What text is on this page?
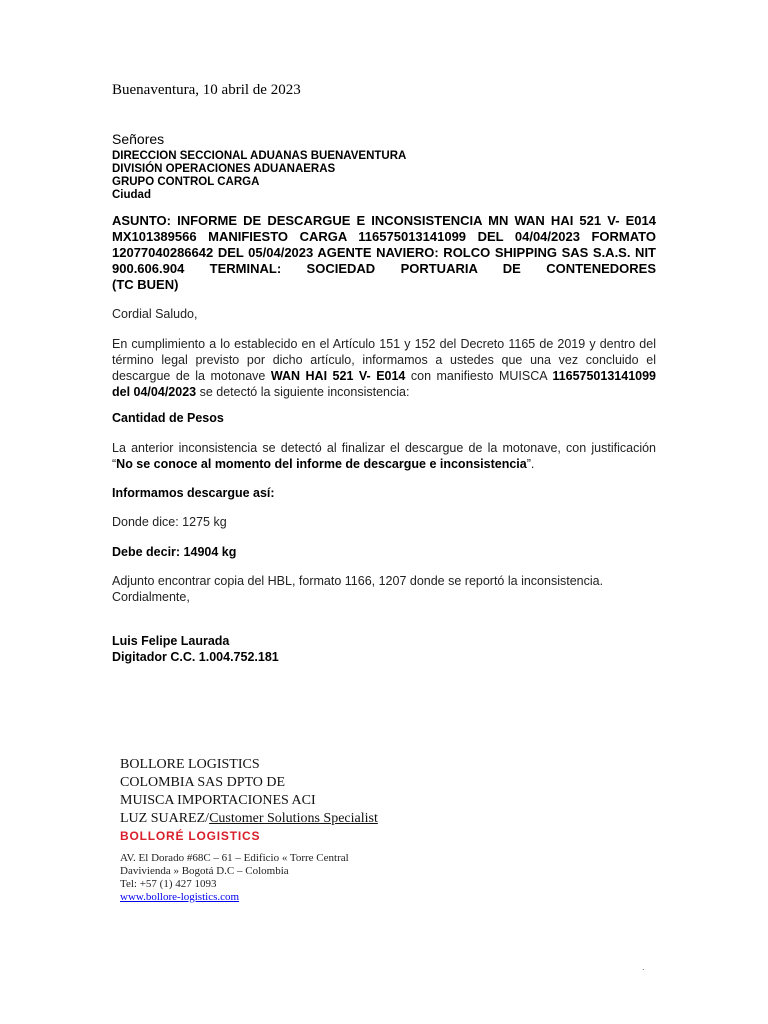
Buenaventura, 10 abril de 2023
Señores
DIRECCION SECCIONAL ADUANAS BUENAVENTURA
DIVISIÓN OPERACIONES ADUANAERAS
GRUPO CONTROL CARGA
Ciudad
ASUNTO: INFORME DE DESCARGUE E INCONSISTENCIA MN WAN HAI 521 V- E014
MX101389566 MANIFIESTO CARGA 116575013141099 DEL 04/04/2023 FORMATO
1207704028664​2 DEL 05/04/2023 AGENTE NAVIERO: ROLCO SHIPPING SAS S.A.S. NIT
900.606.904 TERMINAL: SOCIEDAD PORTUARIA DE CONTENEDORES
(TC BUEN)
Cordial Saludo,
En cumplimiento a lo establecido en el Artículo 151 y 152 del Decreto 1165 de 2019 y dentro del
término legal previsto por dicho artículo, informamos a ustedes que una vez concluido el
descargue de la motonave WAN HAI 521 V- E014 con manifiesto MUISCA 116575013141099
del 04/04/2023 se detectó la siguiente inconsistencia:
Cantidad de Pesos
La anterior inconsistencia se detectó al finalizar el descargue de la motonave, con justificación
“No se conoce al momento del informe de descargue e inconsistencia”.
Informamos descargue así:
Donde dice: 1275 kg
Debe decir: 14904 kg
Adjunto encontrar copia del HBL, formato 1166, 1207 donde se reportó la inconsistencia.
Cordialmente,
Luis Felipe Laurada
Digitador C.C. 1.004.752.181
BOLLORE LOGISTICS
COLOMBIA SAS DPTO DE
MUISCA IMPORTACIONES ACI
LUZ SUAREZ/Customer Solutions Specialist
BOLLORÉ LOGISTICS
AV. El Dorado #68C – 61 – Edificio « Torre Central
Davivienda » Bogotá D.C – Colombia
Tel: +57 (1) 427 1093
www.bollore-logistics.com
.
